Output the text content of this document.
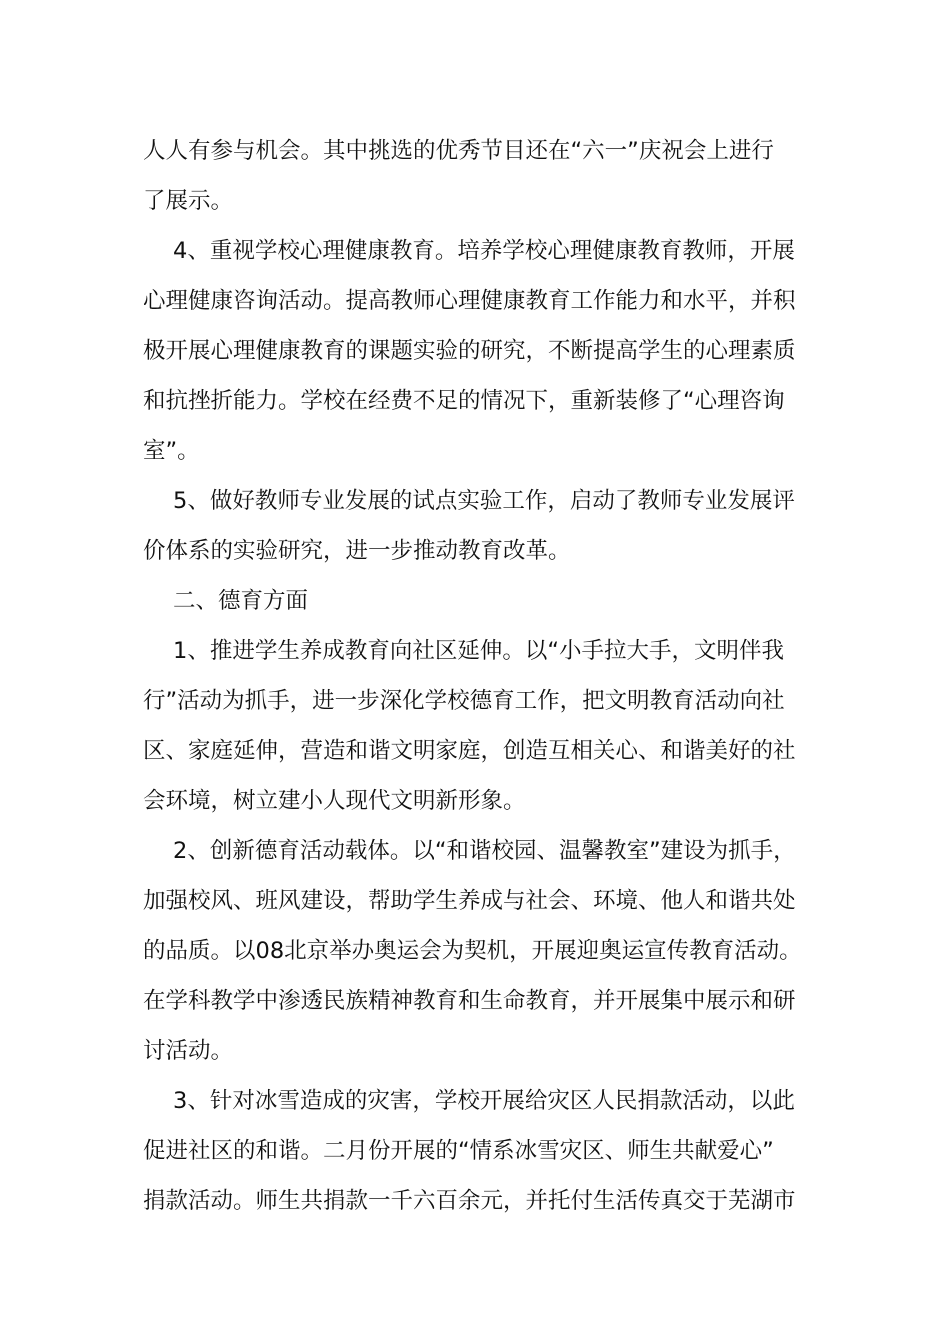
人人有参与机会。其中挑选的优秀节目还在“六一”庆祝会上进行
了展示。
4、重视学校心理健康教育。培养学校心理健康教育教师，开展
心理健康咨询活动。提高教师心理健康教育工作能力和水平，并积
极开展心理健康教育的课题实验的研究，不断提高学生的心理素质
和抗挫折能力。学校在经费不足的情况下，重新装修了“心理咨询
室”。
5、做好教师专业发展的试点实验工作，启动了教师专业发展评
价体系的实验研究，进一步推动教育改革。
二、德育方面
1、推进学生养成教育向社区延伸。以“小手拉大手，文明伴我
行”活动为抓手，进一步深化学校德育工作，把文明教育活动向社
区、家庭延伸，营造和谐文明家庭，创造互相关心、和谐美好的社
会环境，树立建小人现代文明新形象。
2、创新德育活动载体。以“和谐校园、温馨教室”建设为抓手，
加强校风、班风建设，帮助学生养成与社会、环境、他人和谐共处
的品质。以08北京举办奥运会为契机，开展迎奥运宣传教育活动。
在学科教学中渗透民族精神教育和生命教育，并开展集中展示和研
讨活动。
3、针对冰雪造成的灾害，学校开展给灾区人民捐款活动，以此
促进社区的和谐。二月份开展的“情系冰雪灾区、师生共献爱心”
捐款活动。师生共捐款一千六百余元，并托付生活传真交于芜湖市
